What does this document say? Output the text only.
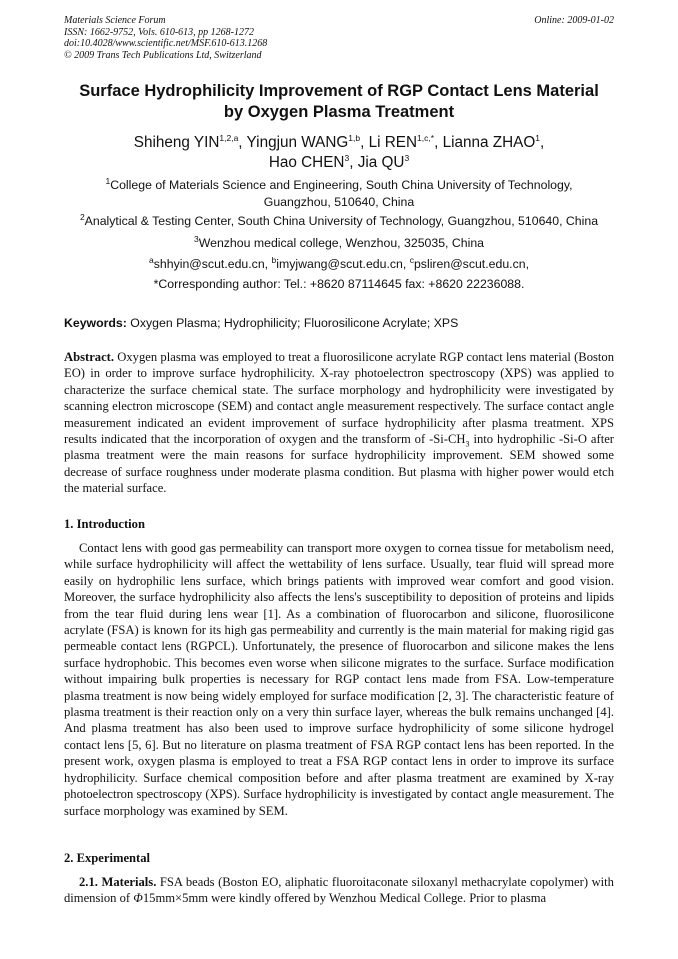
Materials Science Forum
ISSN: 1662-9752, Vols. 610-613, pp 1268-1272
doi:10.4028/www.scientific.net/MSF.610-613.1268
© 2009 Trans Tech Publications Ltd, Switzerland
Online: 2009-01-02
Surface Hydrophilicity Improvement of RGP Contact Lens Material
by Oxygen Plasma Treatment
Shiheng YIN$^{1,2,a}$, Yingjun WANG$^{1,b}$, Li $REN^{1,c,*}$, Lianna ZHAO$^1$,
Hao CHEN$^3$, Jia $QU^3$
$^1$College of Materials Science and Engineering, South China University of Technology,
Guangzhou, 510640, China
$^2$Analytical & Testing Center, South China University of Technology, Guangzhou, 510640, China
$^3$Wenzhou medical college, Wenzhou, 325035, China
$^a$shhyin@scut.edu.cn, $^b$imyjwang@scut.edu.cn, $^c$psliren@scut.edu.cn,
*Corresponding author: Tel.: +8620 87114645 fax: +8620 22236088.
Keywords: Oxygen Plasma; Hydrophilicity; Fluorosilicone Acrylate; XPS
Abstract. Oxygen plasma was employed to treat a fluorosilicone acrylate RGP contact lens material (Boston EO) in order to improve surface hydrophilicity. X-ray photoelectron spectroscopy (XPS) was applied to characterize the surface chemical state. The surface morphology and hydrophilicity were investigated by scanning electron microscope (SEM) and contact angle measurement respectively. The surface contact angle measurement indicated an evident improvement of surface hydrophilicity after plasma treatment. XPS results indicated that the incorporation of oxygen and the transform of $-Si-CH_3$ into hydrophilic -Si-O after plasma treatment were the main reasons for surface hydrophilicity improvement. SEM showed some decrease of surface roughness under moderate plasma condition. But plasma with higher power would etch the material surface.
1. Introduction
Contact lens with good gas permeability can transport more oxygen to cornea tissue for metabolism need, while surface hydrophilicity will affect the wettability of lens surface. Usually, tear fluid will spread more easily on hydrophilic lens surface, which brings patients with improved wear comfort and good vision. Moreover, the surface hydrophilicity also affects the lens's susceptibility to deposition of proteins and lipids from the tear fluid during lens wear [1]. As a combination of fluorocarbon and silicone, fluorosilicone acrylate (FSA) is known for its high gas permeability and currently is the main material for making rigid gas permeable contact lens (RGPCL). Unfortunately, the presence of fluorocarbon and silicone makes the lens surface hydrophobic. This becomes even worse when silicone migrates to the surface. Surface modification without impairing bulk properties is necessary for RGP contact lens made from FSA. Low-temperature plasma treatment is now being widely employed for surface modification [2, 3]. The characteristic feature of plasma treatment is their reaction only on a very thin surface layer, whereas the bulk remains unchanged [4]. And plasma treatment has also been used to improve surface hydrophilicity of some silicone hydrogel contact lens [5, 6]. But no literature on plasma treatment of FSA RGP contact lens has been reported. In the present work, oxygen plasma is employed to treat a FSA RGP contact lens in order to improve its surface hydrophilicity. Surface chemical composition before and after plasma treatment are examined by X-ray photoelectron spectroscopy (XPS). Surface hydrophilicity is investigated by contact angle measurement. The surface morphology was examined by SEM.
2. Experimental
2.1. Materials. FSA beads (Boston EO, aliphatic fluoroitaconate siloxanyl methacrylate copolymer) with dimension of Φ15mm×5mm were kindly offered by Wenzhou Medical College. Prior to plasma
